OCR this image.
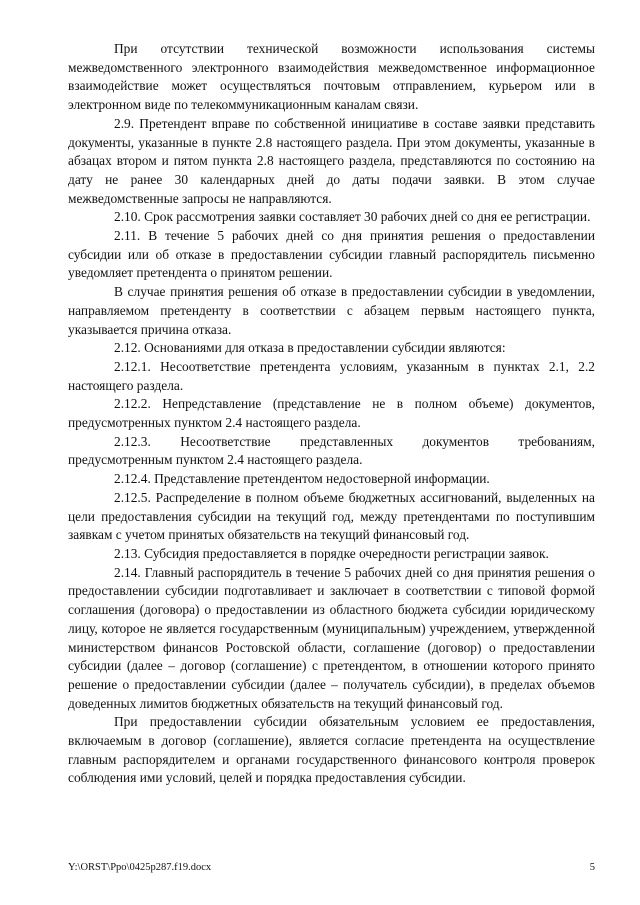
При отсутствии технической возможности использования системы межведомственного электронного взаимодействия межведомственное информационное взаимодействие может осуществляться почтовым отправлением, курьером или в электронном виде по телекоммуникационным каналам связи.

2.9. Претендент вправе по собственной инициативе в составе заявки представить документы, указанные в пункте 2.8 настоящего раздела. При этом документы, указанные в абзацах втором и пятом пункта 2.8 настоящего раздела, представляются по состоянию на дату не ранее 30 календарных дней до даты подачи заявки. В этом случае межведомственные запросы не направляются.

2.10. Срок рассмотрения заявки составляет 30 рабочих дней со дня ее регистрации.

2.11. В течение 5 рабочих дней со дня принятия решения о предоставлении субсидии или об отказе в предоставлении субсидии главный распорядитель письменно уведомляет претендента о принятом решении.

В случае принятия решения об отказе в предоставлении субсидии в уведомлении, направляемом претенденту в соответствии с абзацем первым настоящего пункта, указывается причина отказа.

2.12. Основаниями для отказа в предоставлении субсидии являются:

2.12.1. Несоответствие претендента условиям, указанным в пунктах 2.1, 2.2 настоящего раздела.

2.12.2. Непредставление (представление не в полном объеме) документов, предусмотренных пунктом 2.4 настоящего раздела.

2.12.3. Несоответствие представленных документов требованиям, предусмотренным пунктом 2.4 настоящего раздела.

2.12.4. Представление претендентом недостоверной информации.

2.12.5. Распределение в полном объеме бюджетных ассигнований, выделенных на цели предоставления субсидии на текущий год, между претендентами по поступившим заявкам с учетом принятых обязательств на текущий финансовый год.

2.13. Субсидия предоставляется в порядке очередности регистрации заявок.

2.14. Главный распорядитель в течение 5 рабочих дней со дня принятия решения о предоставлении субсидии подготавливает и заключает в соответствии с типовой формой соглашения (договора) о предоставлении из областного бюджета субсидии юридическому лицу, которое не является государственным (муниципальным) учреждением, утвержденной министерством финансов Ростовской области, соглашение (договор) о предоставлении субсидии (далее – договор (соглашение) с претендентом, в отношении которого принято решение о предоставлении субсидии (далее – получатель субсидии), в пределах объемов доведенных лимитов бюджетных обязательств на текущий финансовый год.

При предоставлении субсидии обязательным условием ее предоставления, включаемым в договор (соглашение), является согласие претендента на осуществление главным распорядителем и органами государственного финансового контроля проверок соблюдения ими условий, целей и порядка предоставления субсидии.

Y:\ORST\Ppo\0425p287.f19.docx	5
